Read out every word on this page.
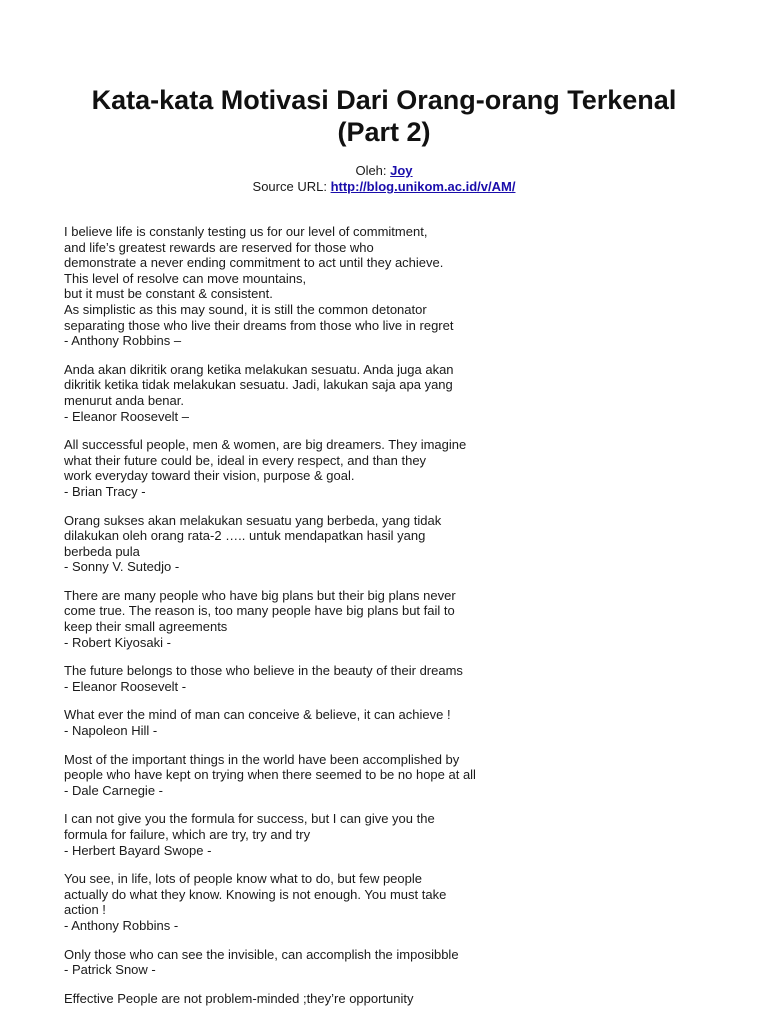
Kata-kata Motivasi Dari Orang-orang Terkenal
(Part 2)
Oleh: Joy
Source URL: http://blog.unikom.ac.id/v/AM/
I believe life is constanly testing us for our level of commitment,
and life’s greatest rewards are reserved for those who
demonstrate a never ending commitment to act until they achieve.
This level of resolve can move mountains,
but it must be constant & consistent.
As simplistic as this may sound, it is still the common detonator
separating those who live their dreams from those who live in regret
- Anthony Robbins –
Anda akan dikritik orang ketika melakukan sesuatu. Anda juga akan
dikritik ketika tidak melakukan sesuatu. Jadi, lakukan saja apa yang
menurut anda benar.
- Eleanor Roosevelt –
All successful people, men & women, are big dreamers. They imagine
what their future could be, ideal in every respect, and than they
work everyday toward their vision, purpose & goal.
- Brian Tracy -
Orang sukses akan melakukan sesuatu yang berbeda, yang tidak
dilakukan oleh orang rata-2 ….. untuk mendapatkan hasil yang
berbeda pula
- Sonny V. Sutedjo -
There are many people who have big plans but their big plans never
come true. The reason is, too many people have big plans but fail to
keep their small agreements
- Robert Kiyosaki -
The future belongs to those who believe in the beauty of their dreams
- Eleanor Roosevelt -
What ever the mind of man can conceive & believe, it can achieve !
- Napoleon Hill -
Most of the important things in the world have been accomplished by
people who have kept on trying when there seemed to be no hope at all
- Dale Carnegie -
I can not give you the formula for success, but I can give you the
formula for failure, which are try, try and try
- Herbert Bayard Swope -
You see, in life, lots of people know what to do, but few people
actually do what they know. Knowing is not enough. You must take
action !
- Anthony Robbins -
Only those who can see the invisible, can accomplish the imposibble
- Patrick Snow -
Effective People are not problem-minded ;they’re opportunity
